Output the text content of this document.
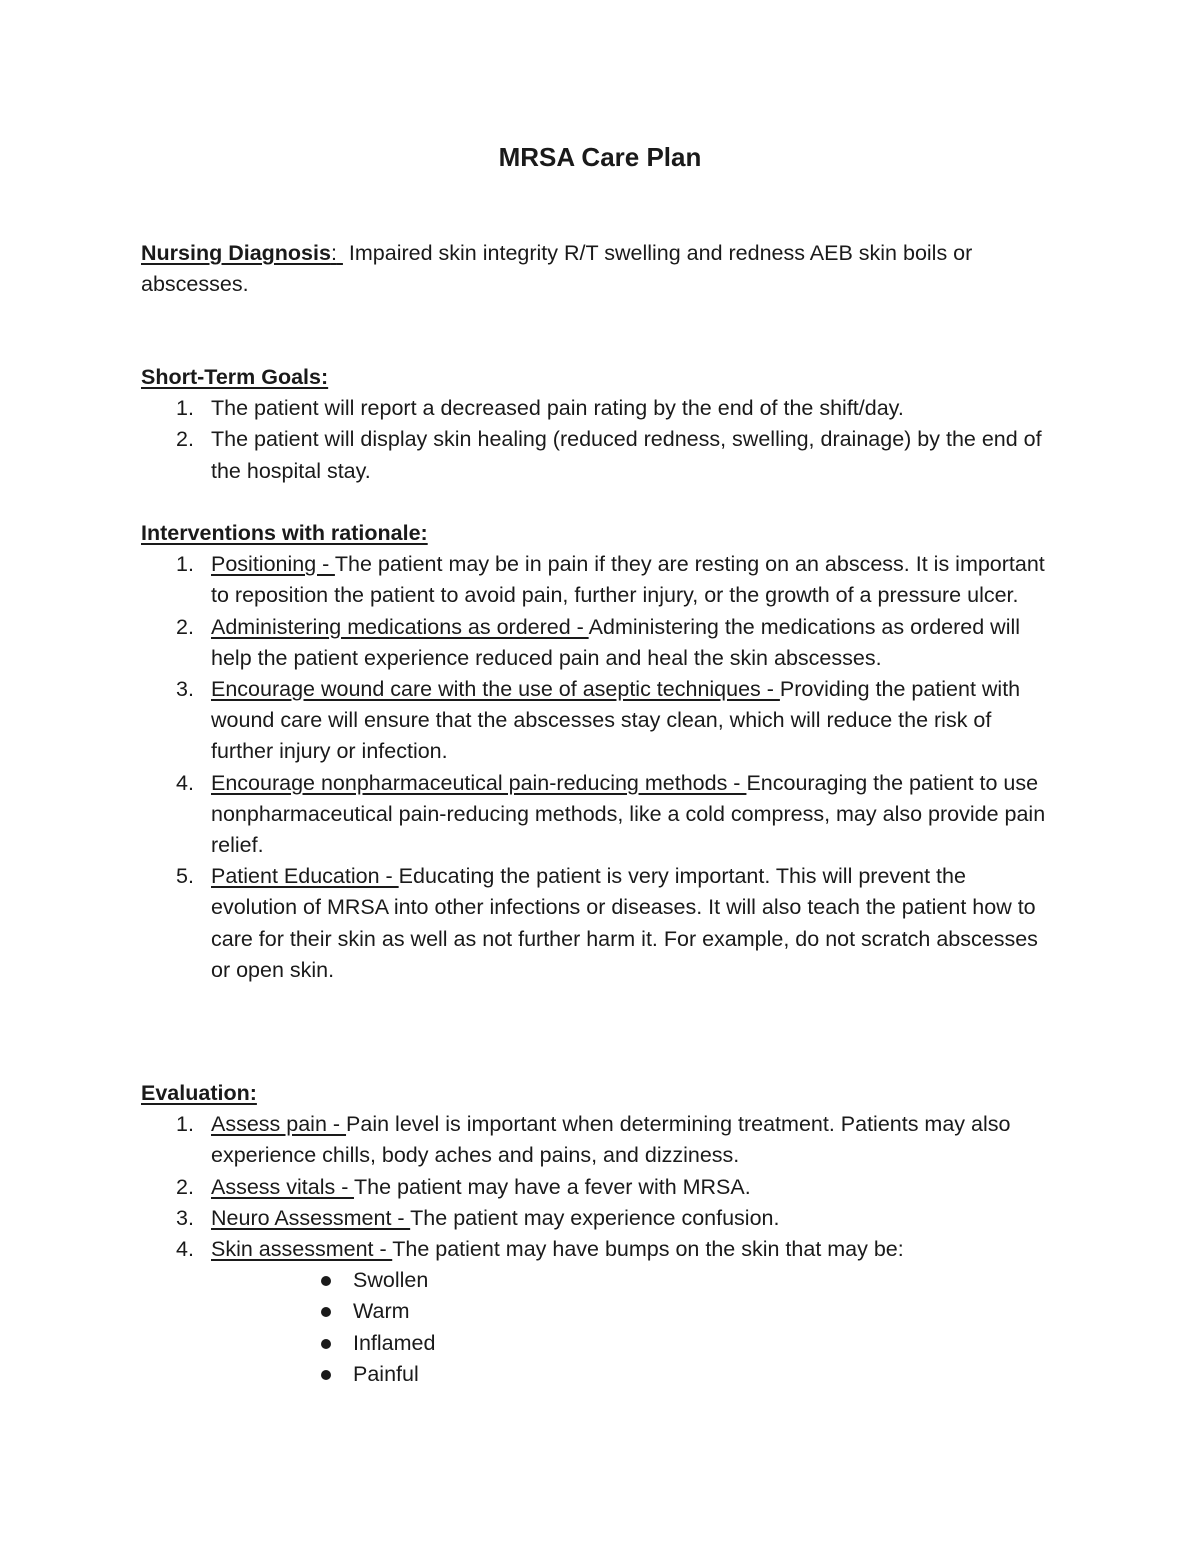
MRSA Care Plan

Nursing Diagnosis: Impaired skin integrity R/T swelling and redness AEB skin boils or abscesses.

Short-Term Goals:
1. The patient will report a decreased pain rating by the end of the shift/day.
2. The patient will display skin healing (reduced redness, swelling, drainage) by the end of the hospital stay.
Interventions with rationale:
1. Positioning - The patient may be in pain if they are resting on an abscess. It is important to reposition the patient to avoid pain, further injury, or the growth of a pressure ulcer.
2. Administering medications as ordered - Administering the medications as ordered will help the patient experience reduced pain and heal the skin abscesses.
3. Encourage wound care with the use of aseptic techniques - Providing the patient with wound care will ensure that the abscesses stay clean, which will reduce the risk of further injury or infection.
4. Encourage nonpharmaceutical pain-reducing methods - Encouraging the patient to use nonpharmaceutical pain-reducing methods, like a cold compress, may also provide pain relief.
5. Patient Education - Educating the patient is very important. This will prevent the evolution of MRSA into other infections or diseases. It will also teach the patient how to care for their skin as well as not further harm it. For example, do not scratch abscesses or open skin.
Evaluation:
1. Assess pain - Pain level is important when determining treatment. Patients may also experience chills, body aches and pains, and dizziness.
2. Assess vitals - The patient may have a fever with MRSA.
3. Neuro Assessment - The patient may experience confusion.
4. Skin assessment - The patient may have bumps on the skin that may be:
Swollen
Warm
Inflamed
Painful
